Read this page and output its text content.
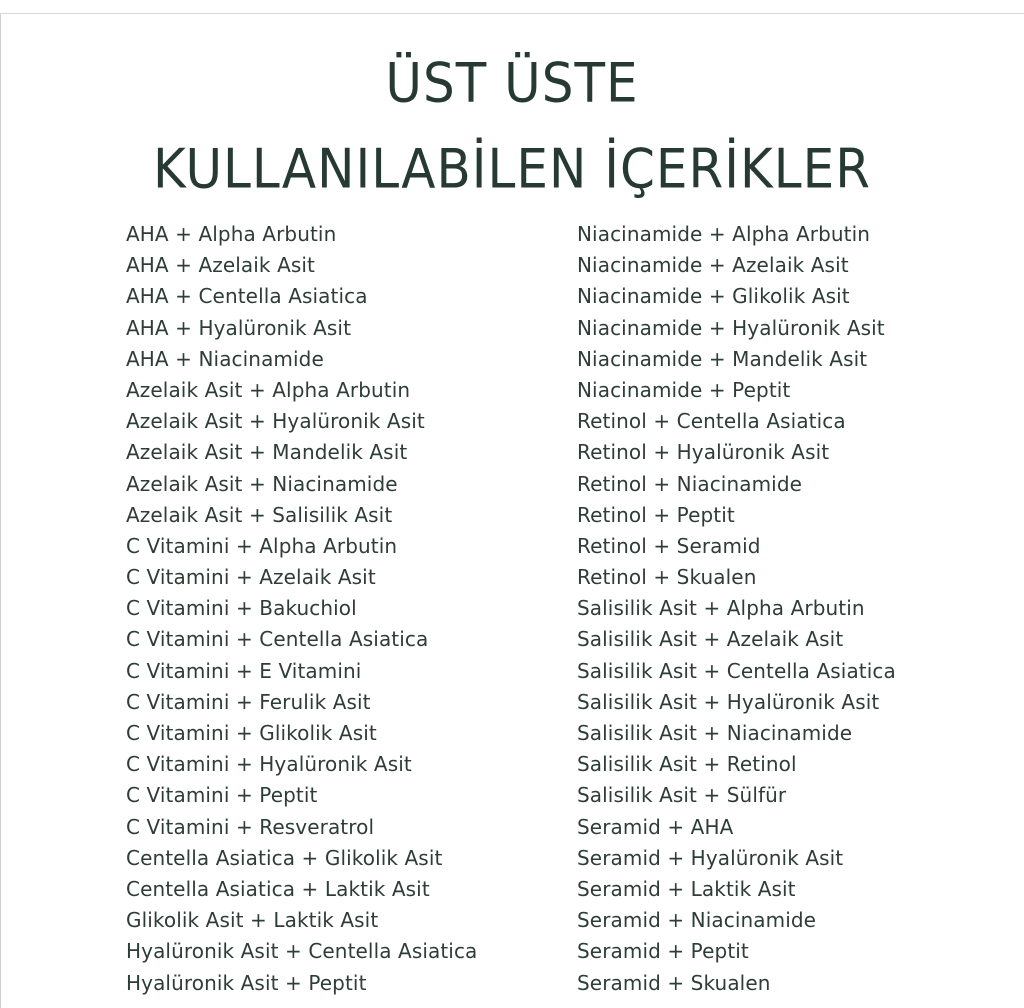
ÜST ÜSTE
KULLANILABİLEN İÇERİKLER
AHA + Alpha Arbutin
AHA + Azelaik Asit
AHA + Centella Asiatica
AHA + Hyalüronik Asit
AHA + Niacinamide
Azelaik Asit + Alpha Arbutin
Azelaik Asit + Hyalüronik Asit
Azelaik Asit + Mandelik Asit
Azelaik Asit + Niacinamide
Azelaik Asit + Salisilik Asit
C Vitamini + Alpha Arbutin
C Vitamini + Azelaik Asit
C Vitamini + Bakuchiol
C Vitamini + Centella Asiatica
C Vitamini + E Vitamini
C Vitamini + Ferulik Asit
C Vitamini + Glikolik Asit
C Vitamini + Hyalüronik Asit
C Vitamini + Peptit
C Vitamini + Resveratrol
Centella Asiatica + Glikolik Asit
Centella Asiatica + Laktik Asit
Glikolik Asit + Laktik Asit
Hyalüronik Asit + Centella Asiatica
Hyalüronik Asit + Peptit
Niacinamide + Alpha Arbutin
Niacinamide + Azelaik Asit
Niacinamide + Glikolik Asit
Niacinamide + Hyalüronik Asit
Niacinamide + Mandelik Asit
Niacinamide + Peptit
Retinol + Centella Asiatica
Retinol + Hyalüronik Asit
Retinol + Niacinamide
Retinol + Peptit
Retinol + Seramid
Retinol + Skualen
Salisilik Asit + Alpha Arbutin
Salisilik Asit + Azelaik Asit
Salisilik Asit + Centella Asiatica
Salisilik Asit + Hyalüronik Asit
Salisilik Asit + Niacinamide
Salisilik Asit + Retinol
Salisilik Asit + Sülfür
Seramid + AHA
Seramid + Hyalüronik Asit
Seramid + Laktik Asit
Seramid + Niacinamide
Seramid + Peptit
Seramid + Skualen
